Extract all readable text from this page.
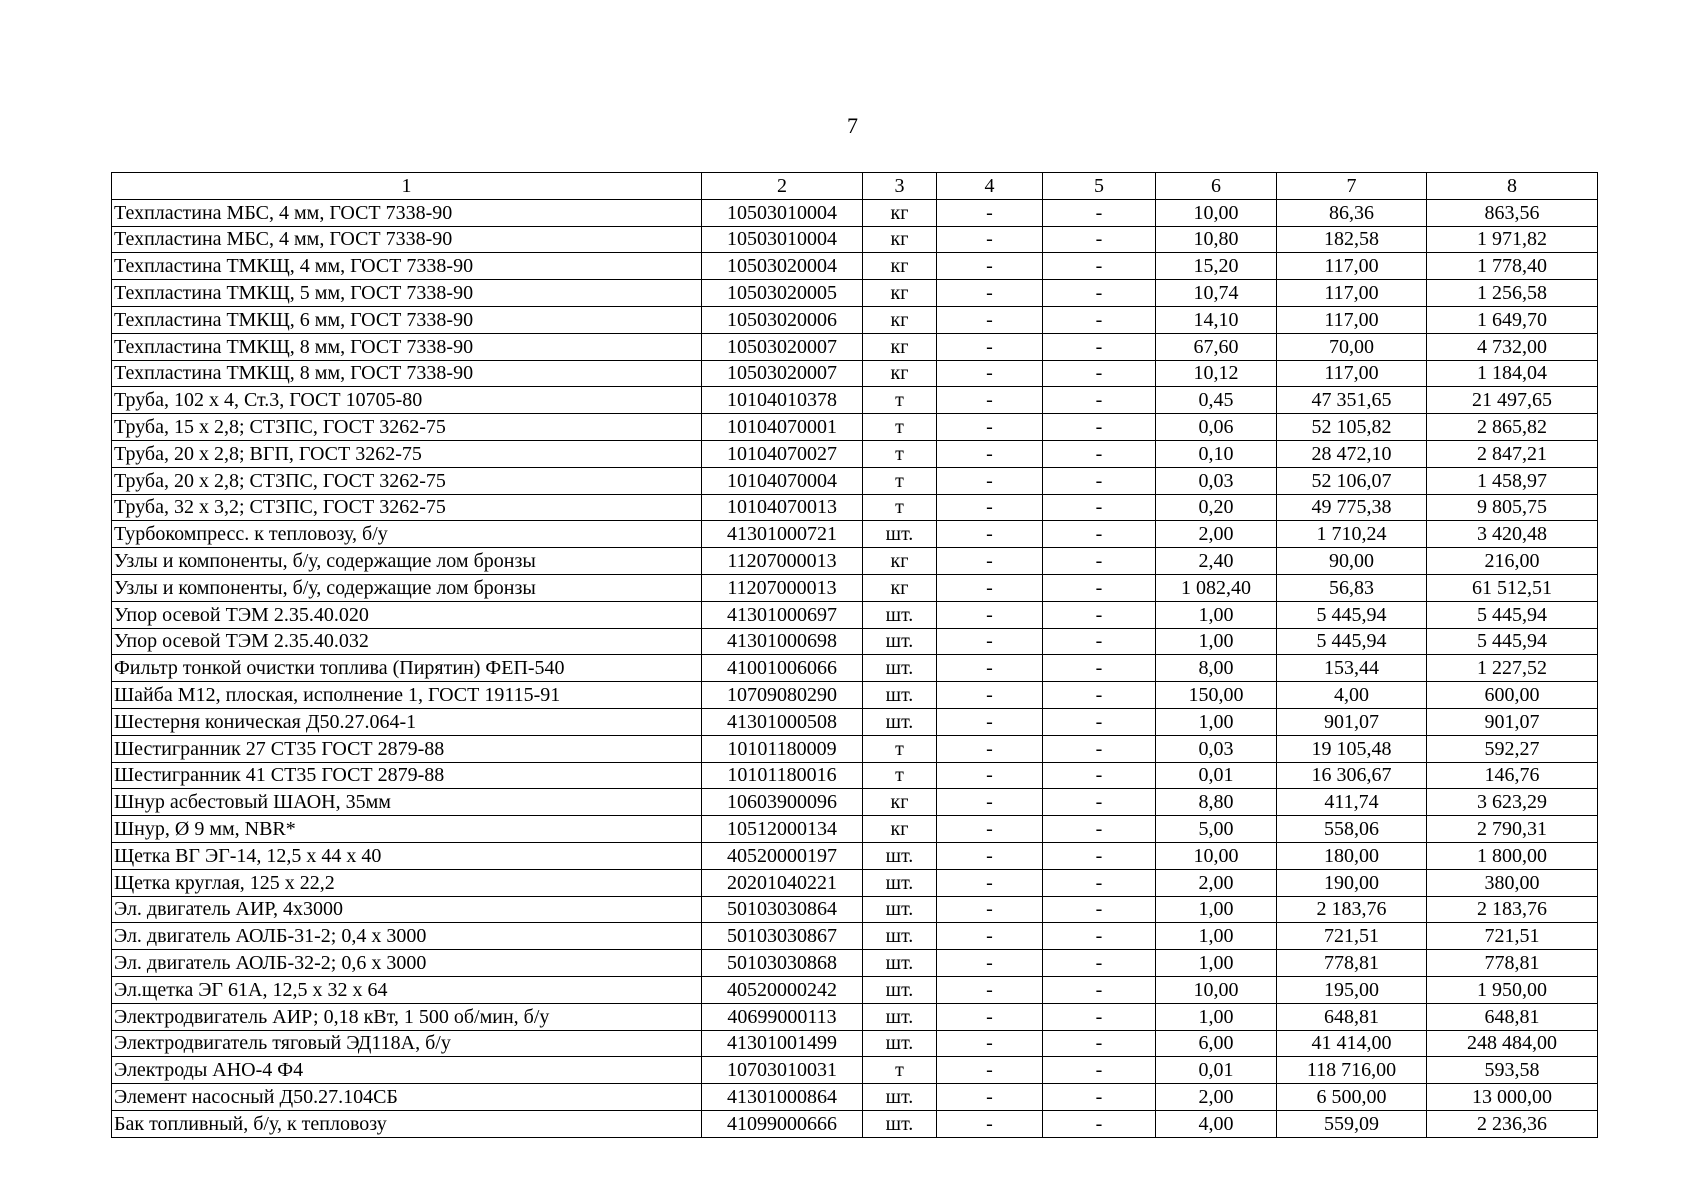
7
1	2	3	4	5	6	7	8
Техпластина МБС, 4 мм, ГОСТ 7338-90	10503010004	кг	-	-	10,00	86,36	863,56
Техпластина МБС, 4 мм, ГОСТ 7338-90	10503010004	кг	-	-	10,80	182,58	1 971,82
Техпластина ТМКЩ, 4 мм, ГОСТ 7338-90	10503020004	кг	-	-	15,20	117,00	1 778,40
Техпластина ТМКЩ, 5 мм, ГОСТ 7338-90	10503020005	кг	-	-	10,74	117,00	1 256,58
Техпластина ТМКЩ, 6 мм, ГОСТ 7338-90	10503020006	кг	-	-	14,10	117,00	1 649,70
Техпластина ТМКЩ, 8 мм, ГОСТ 7338-90	10503020007	кг	-	-	67,60	70,00	4 732,00
Техпластина ТМКЩ, 8 мм, ГОСТ 7338-90	10503020007	кг	-	-	10,12	117,00	1 184,04
Труба, 102 х 4, Ст.3, ГОСТ 10705-80	10104010378	т	-	-	0,45	47 351,65	21 497,65
Труба, 15 х 2,8; СТЗПС, ГОСТ 3262-75	10104070001	т	-	-	0,06	52 105,82	2 865,82
Труба, 20 х 2,8; ВГП, ГОСТ 3262-75	10104070027	т	-	-	0,10	28 472,10	2 847,21
Труба, 20 х 2,8; СТЗПС, ГОСТ 3262-75	10104070004	т	-	-	0,03	52 106,07	1 458,97
Труба, 32 х 3,2; СТЗПС, ГОСТ 3262-75	10104070013	т	-	-	0,20	49 775,38	9 805,75
Турбокомпресс. к тепловозу, б/у	41301000721	шт.	-	-	2,00	1 710,24	3 420,48
Узлы и компоненты, б/у, содержащие лом бронзы	11207000013	кг	-	-	2,40	90,00	216,00
Узлы и компоненты, б/у, содержащие лом бронзы	11207000013	кг	-	-	1 082,40	56,83	61 512,51
Упор осевой ТЭМ 2.35.40.020	41301000697	шт.	-	-	1,00	5 445,94	5 445,94
Упор осевой ТЭМ 2.35.40.032	41301000698	шт.	-	-	1,00	5 445,94	5 445,94
Фильтр тонкой очистки топлива (Пирятин) ФЕП-540	41001006066	шт.	-	-	8,00	153,44	1 227,52
Шайба М12, плоская, исполнение 1, ГОСТ 19115-91	10709080290	шт.	-	-	150,00	4,00	600,00
Шестерня коническая Д50.27.064-1	41301000508	шт.	-	-	1,00	901,07	901,07
Шестигранник 27 СТ35 ГОСТ 2879-88	10101180009	т	-	-	0,03	19 105,48	592,27
Шестигранник 41 СТ35 ГОСТ 2879-88	10101180016	т	-	-	0,01	16 306,67	146,76
Шнур асбестовый ШАОН, 35мм	10603900096	кг	-	-	8,80	411,74	3 623,29
Шнур, Ø 9 мм, NBR*	10512000134	кг	-	-	5,00	558,06	2 790,31
Щетка ВГ ЭГ-14, 12,5 х 44 х 40	40520000197	шт.	-	-	10,00	180,00	1 800,00
Щетка круглая, 125 х 22,2	20201040221	шт.	-	-	2,00	190,00	380,00
Эл. двигатель АИР, 4х3000	50103030864	шт.	-	-	1,00	2 183,76	2 183,76
Эл. двигатель АОЛБ-31-2; 0,4 х 3000	50103030867	шт.	-	-	1,00	721,51	721,51
Эл. двигатель АОЛБ-32-2; 0,6 х 3000	50103030868	шт.	-	-	1,00	778,81	778,81
Эл.щетка ЭГ 61А, 12,5 х 32 х 64	40520000242	шт.	-	-	10,00	195,00	1 950,00
Электродвигатель АИР; 0,18 кВт, 1 500 об/мин, б/у	40699000113	шт.	-	-	1,00	648,81	648,81
Электродвигатель тяговый ЭД118А, б/у	41301001499	шт.	-	-	6,00	41 414,00	248 484,00
Электроды АНО-4 Ф4	10703010031	т	-	-	0,01	118 716,00	593,58
Элемент насосный Д50.27.104СБ	41301000864	шт.	-	-	2,00	6 500,00	13 000,00
Бак топливный, б/у, к тепловозу	41099000666	шт.	-	-	4,00	559,09	2 236,36
